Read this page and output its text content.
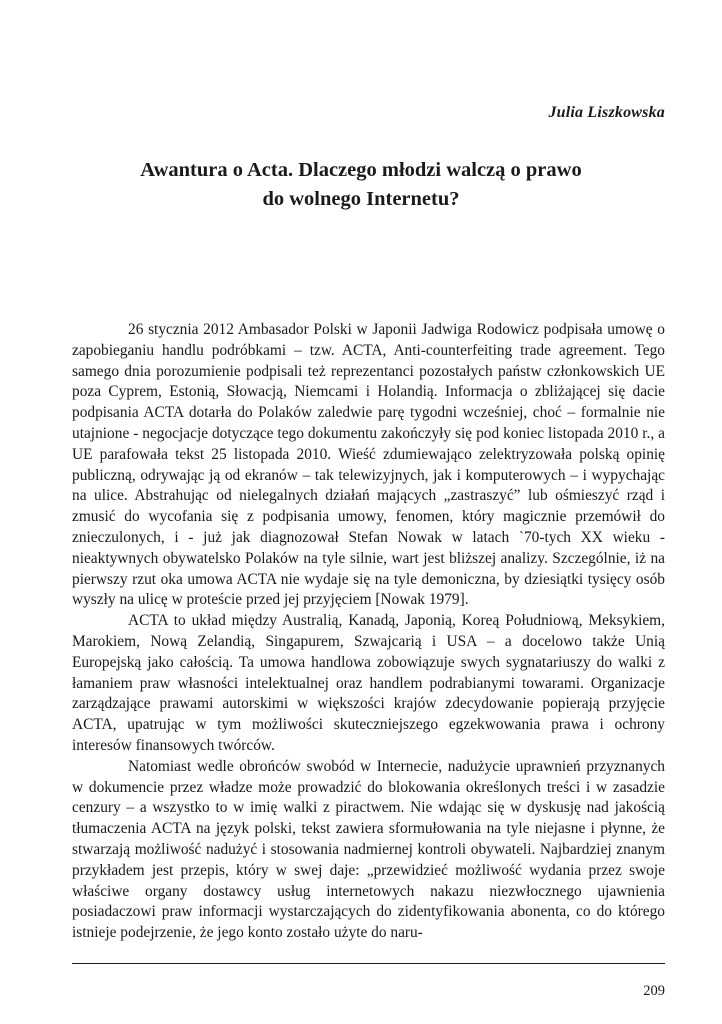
Julia Liszkowska
Awantura o Acta. Dlaczego młodzi walczą o prawo
do wolnego Internetu?

26 stycznia 2012 Ambasador Polski w Japonii Jadwiga Rodowicz podpisała umowę o zapobieganiu handlu podróbkami – tzw. ACTA, Anti-counterfeiting trade agreement. Tego samego dnia porozumienie podpisali też reprezentanci pozostałych państw członkowskich UE poza Cyprem, Estonią, Słowacją, Niemcami i Holandią. Informacja o zbliżającej się dacie podpisania ACTA dotarła do Polaków zaledwie parę tygodni wcześniej, choć – formalnie nie utajnione - negocjacje dotyczące tego dokumentu zakończyły się pod koniec listopada 2010 r., a UE parafowała tekst 25 listopada 2010. Wieść zdumiewająco zelektryzowała polską opinię publiczną, odrywając ją od ekranów – tak telewizyjnych, jak i komputerowych – i wypychając na ulice. Abstrahując od nielegalnych działań mających „zastraszyć” lub ośmieszyć rząd i zmusić do wycofania się z podpisania umowy, fenomen, który magicznie przemówił do znieczulonych, i - już jak diagnozował Stefan Nowak w latach `70-tych XX wieku - nieaktywnych obywatelsko Polaków na tyle silnie, wart jest bliższej analizy. Szczególnie, iż na pierwszy rzut oka umowa ACTA nie wydaje się na tyle demoniczna, by dziesiątki tysięcy osób wyszły na ulicę w proteście przed jej przyjęciem [Nowak 1979].

ACTA to układ między Australią, Kanadą, Japonią, Koreą Południową, Meksykiem, Marokiem, Nową Zelandią, Singapurem, Szwajcarią i USA – a docelowo także Unią Europejską jako całością. Ta umowa handlowa zobowiązuje swych sygnatariuszy do walki z łamaniem praw własności intelektualnej oraz handlem podrabianymi towarami. Organizacje zarządzające prawami autorskimi w większości krajów zdecydowanie popierają przyjęcie ACTA, upatrując w tym możliwości skuteczniejszego egzekwowania prawa i ochrony interesów finansowych twórców.

Natomiast wedle obrońców swobód w Internecie, nadużycie uprawnień przyznanych w dokumencie przez władze może prowadzić do blokowania określonych treści i w zasadzie cenzury – a wszystko to w imię walki z piractwem. Nie wdając się w dyskusję nad jakością tłumaczenia ACTA na język polski, tekst zawiera sformułowania na tyle niejasne i płynne, że stwarzają możliwość nadużyć i stosowania nadmiernej kontroli obywateli. Najbardziej znanym przykładem jest przepis, który w swej daje: „przewidzieć możliwość wydania przez swoje właściwe organy dostawcy usług internetowych nakazu niezwłocznego ujawnienia posiadaczowi praw informacji wystarczających do zidentyfikowania abonenta, co do którego istnieje podejrzenie, że jego konto zostało użyte do naru-

209
